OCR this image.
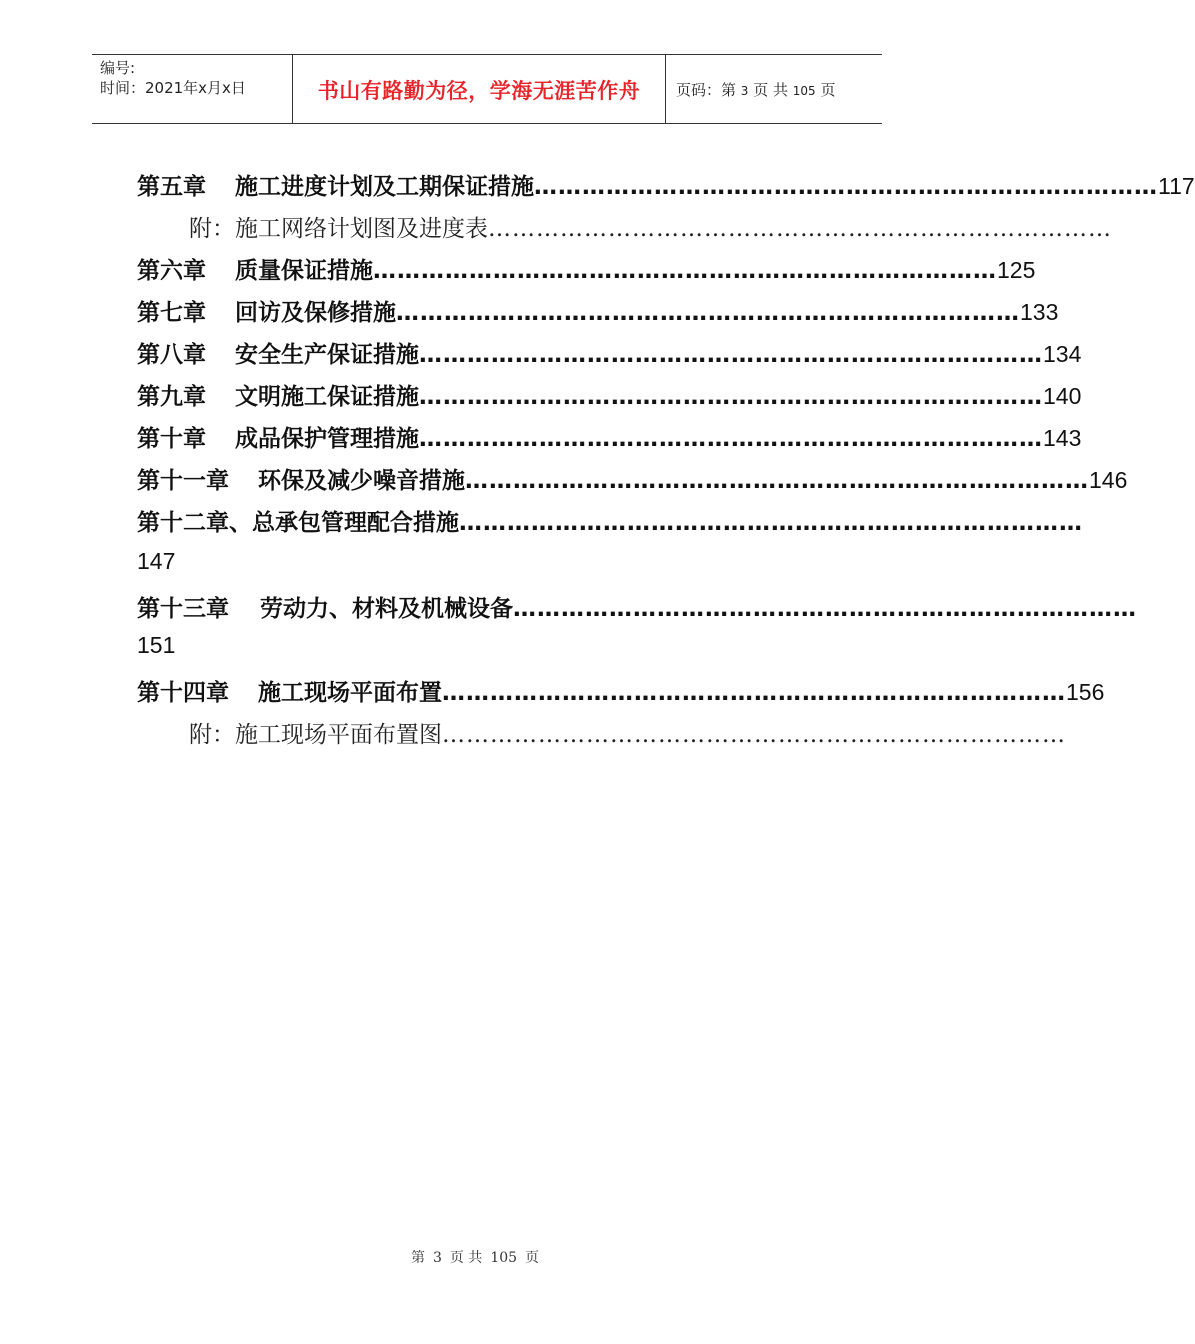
编号:
时间：2021年x月x日	书山有路勤为径，学海无涯苦作舟	页码：第 3 页 共 105 页
第五章 施工进度计划及工期保证措施 …………………………………………………………………… 117
附：施工网络计划图及进度表 ……………………………………………………………………
第六章 质量保证措施 …………………………………………………………………… 125
第七章 回访及保修措施 …………………………………………………………………… 133
第八章 安全生产保证措施 …………………………………………………………………… 134
第九章 文明施工保证措施 …………………………………………………………………… 140
第十章 成品保护管理措施 …………………………………………………………………… 143
第十一章 环保及减少噪音措施 …………………………………………………………………… 146
第十二章、 总承包管理配合措施 ……………………………………………………………………
147
第十三章 劳动力、材料及机械设备 ……………………………………………………………………
151
第十四章 施工现场平面布置 …………………………………………………………………… 156
附：施工现场平面布置图 ……………………………………………………………………
第 3 页 共 105 页
